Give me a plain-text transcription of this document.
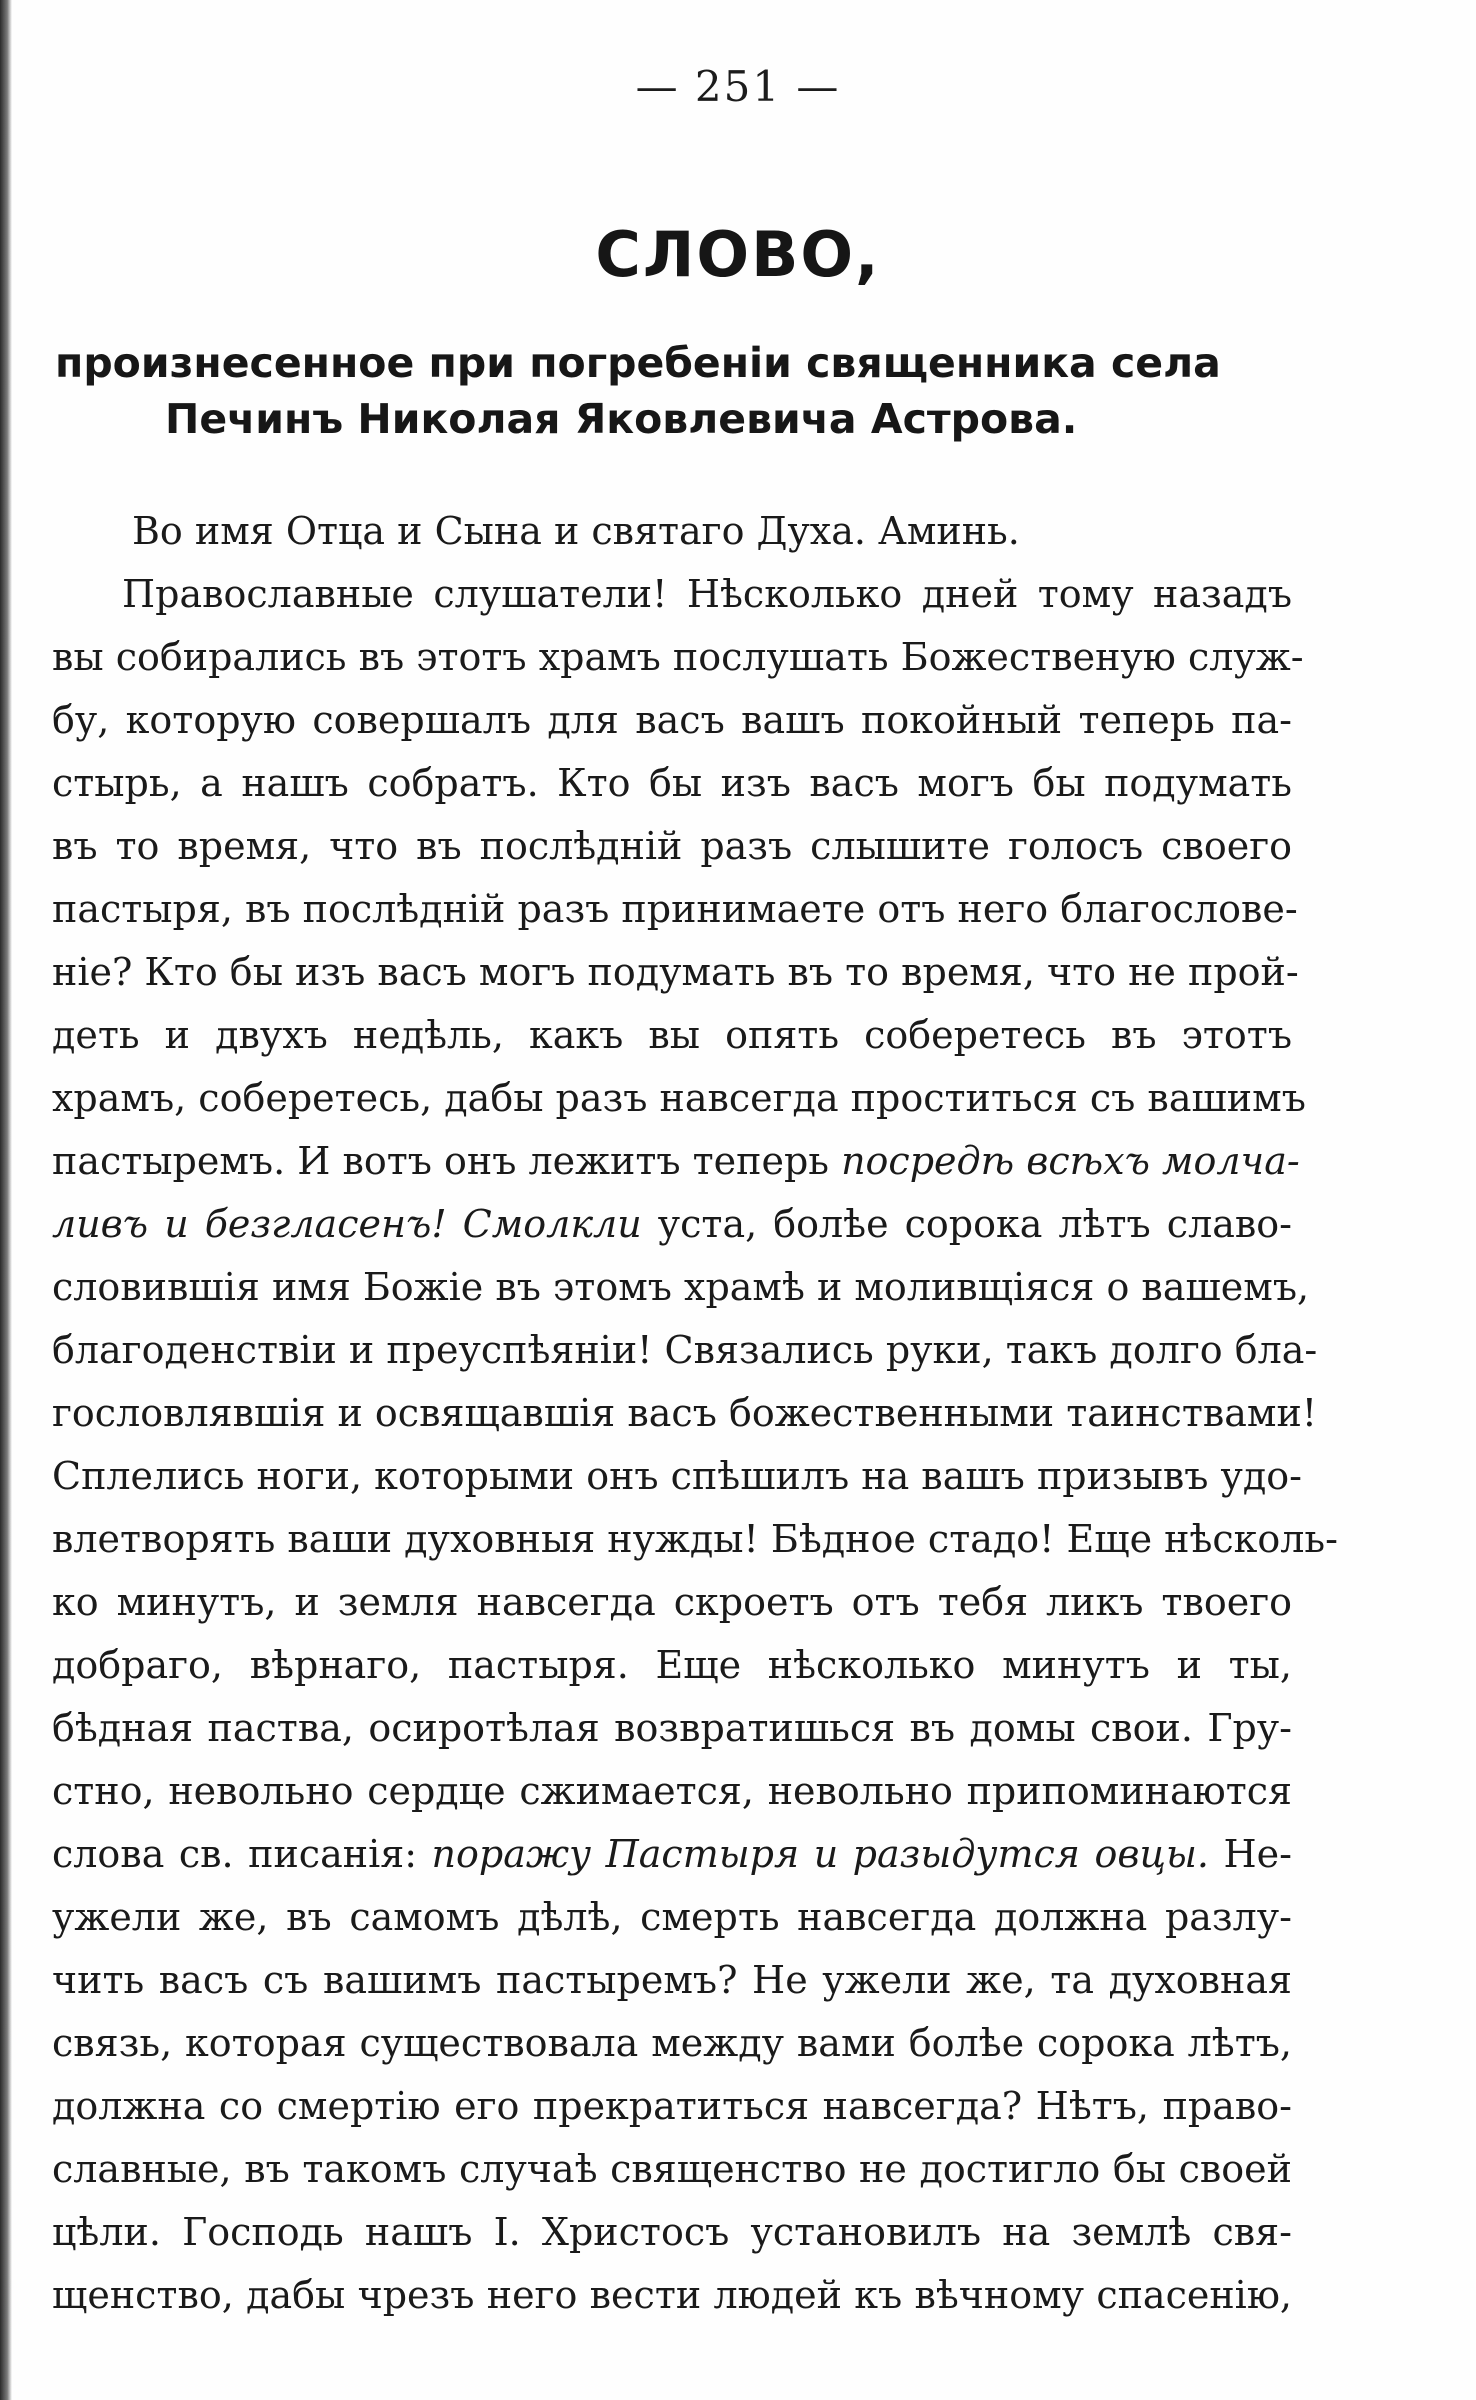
— 251 —
СЛОВО,
произнесенное при погребеніи священника села
Печинъ Николая Яковлевича Астрова.
Во имя Отца и Сына и святаго Духа. Аминь.
Православные слушатели! Нѣсколько дней тому назадъ
вы собирались въ этотъ храмъ послушать Божественую служ-
бу, которую совершалъ для васъ вашъ покойный теперь па-
стырь, а нашъ собратъ. Кто бы изъ васъ могъ бы подумать
въ то время, что въ послѣдній разъ слышите голосъ своего
пастыря, въ послѣдній разъ принимаете отъ него благословe-
ніе? Кто бы изъ васъ могъ подумать въ то время, что не прой-
деть и двухъ недѣль, какъ вы опять соберетесь въ этотъ
храмъ, соберетесь, дабы разъ навсегда проститься съ вашимъ
пастыремъ. И вотъ онъ лежитъ теперь посредѣ всѣхъ молча-
ливъ и безгласенъ! Смолкли уста, болѣе сорока лѣтъ славо-
словившія имя Божіе въ этомъ храмѣ и моливщіяся о вашемъ,
благоденствіи и преуспѣяніи! Связались руки, такъ долго бла-
гословлявшія и освящавшія васъ божественными таинствами!
Сплелись ноги, которыми онъ спѣшилъ на вашъ призывъ удо-
влетворять ваши духовныя нужды! Бѣдное стадо! Еще нѣсколь-
ко минутъ, и земля навсегда скроетъ отъ тебя ликъ твоего
добраго, вѣрнаго, пастыря. Еще нѣсколько минутъ и ты,
бѣдная паства, осиротѣлая возвратишься въ домы свои. Гру-
стно, невольно сердце сжимается, невольно припоминаются
слова св. писанія: поражу Пастыря и разыдутся овцы. Не-
ужели же, въ самомъ дѣлѣ, смерть навсегда должна разлу-
чить васъ съ вашимъ пастыремъ? Не ужели же, та духовная
связь, которая существовала между вами болѣе сорока лѣтъ,
должна со смертію его прекратиться навсегда? Нѣтъ, право-
славные, въ такомъ случаѣ священство не достигло бы своей
цѣли. Господь нашъ І. Христосъ установилъ на землѣ свя-
щенство, дабы чрезъ него вести людей къ вѣчному спасенію,
